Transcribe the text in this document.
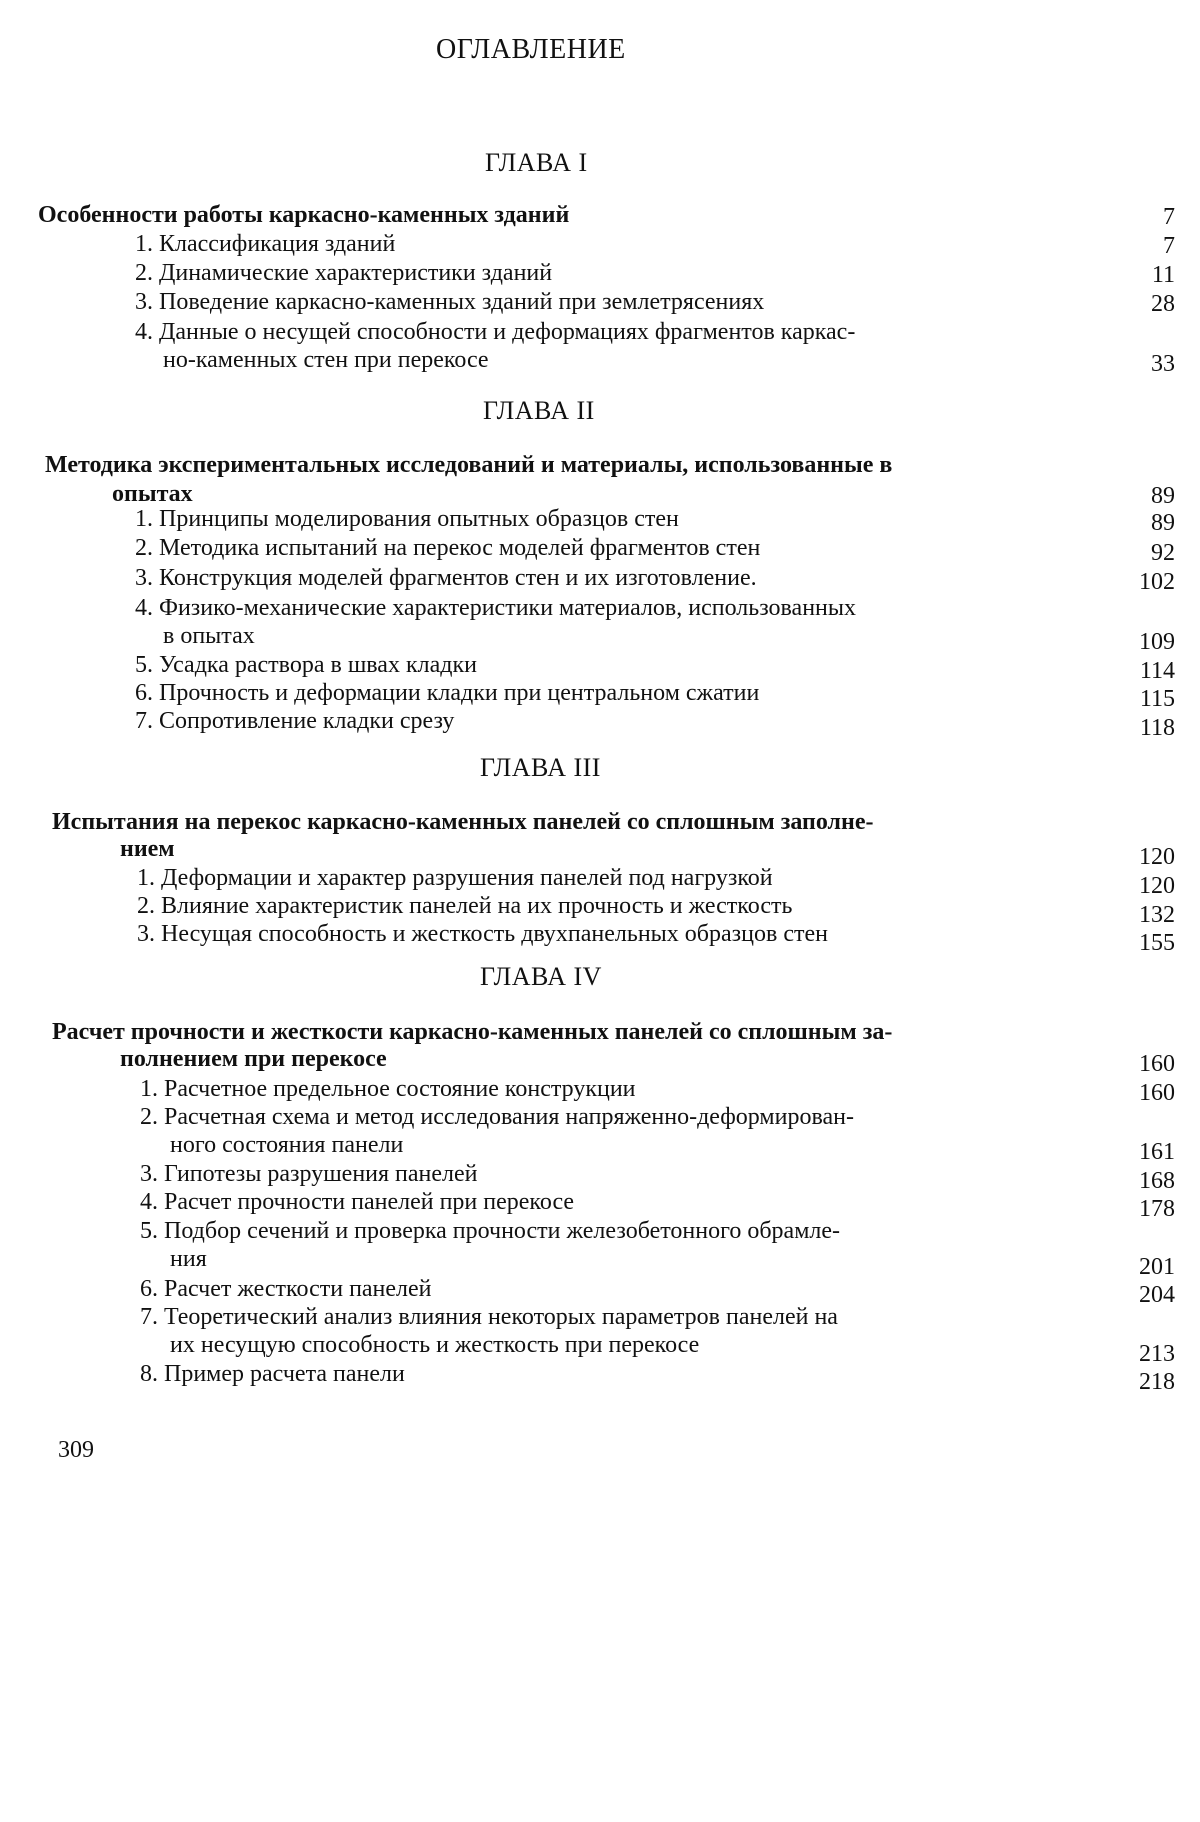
ОГЛАВЛЕНИЕ
ГЛАВА I
Особенности работы каркасно-каменных зданий	7
1. Классификация зданий	7
2. Динамические характеристики зданий	11
3. Поведение каркасно-каменных зданий при землетрясениях	28
4. Данные о несущей способности и деформациях фрагментов каркас-
но-каменных стен при перекосе	33
ГЛАВА II
Методика экспериментальных исследований и материалы, использованные в
опытах	89
1. Принципы моделирования опытных образцов стен	89
2. Методика испытаний на перекос моделей фрагментов стен	92
3. Конструкция моделей фрагментов стен и их изготовление.	102
4. Физико-механические характеристики материалов, использованных
в опытах	109
5. Усадка раствора в швах кладки	114
6. Прочность и деформации кладки при центральном сжатии	115
7. Сопротивление кладки срезу	118
ГЛАВА III
Испытания на перекос каркасно-каменных панелей со сплошным заполне-
нием	120
1. Деформации и характер разрушения панелей под нагрузкой	120
2. Влияние характеристик панелей на их прочность и жесткость	132
3. Несущая способность и жесткость двухпанельных образцов стен	155
ГЛАВА IV
Расчет прочности и жесткости каркасно-каменных панелей со сплошным за-
полнением при перекосе	160
1. Расчетное предельное состояние конструкции	160
2. Расчетная схема и метод исследования напряженно-деформирован-
ного состояния панели	161
3. Гипотезы разрушения панелей	168
4. Расчет прочности панелей при перекосе	178
5. Подбор сечений и проверка прочности железобетонного обрамле-
ния	201
6. Расчет жесткости панелей	204
7. Теоретический анализ влияния некоторых параметров панелей на
их несущую способность и жесткость при перекосе	213
8. Пример расчета панели	218
309
